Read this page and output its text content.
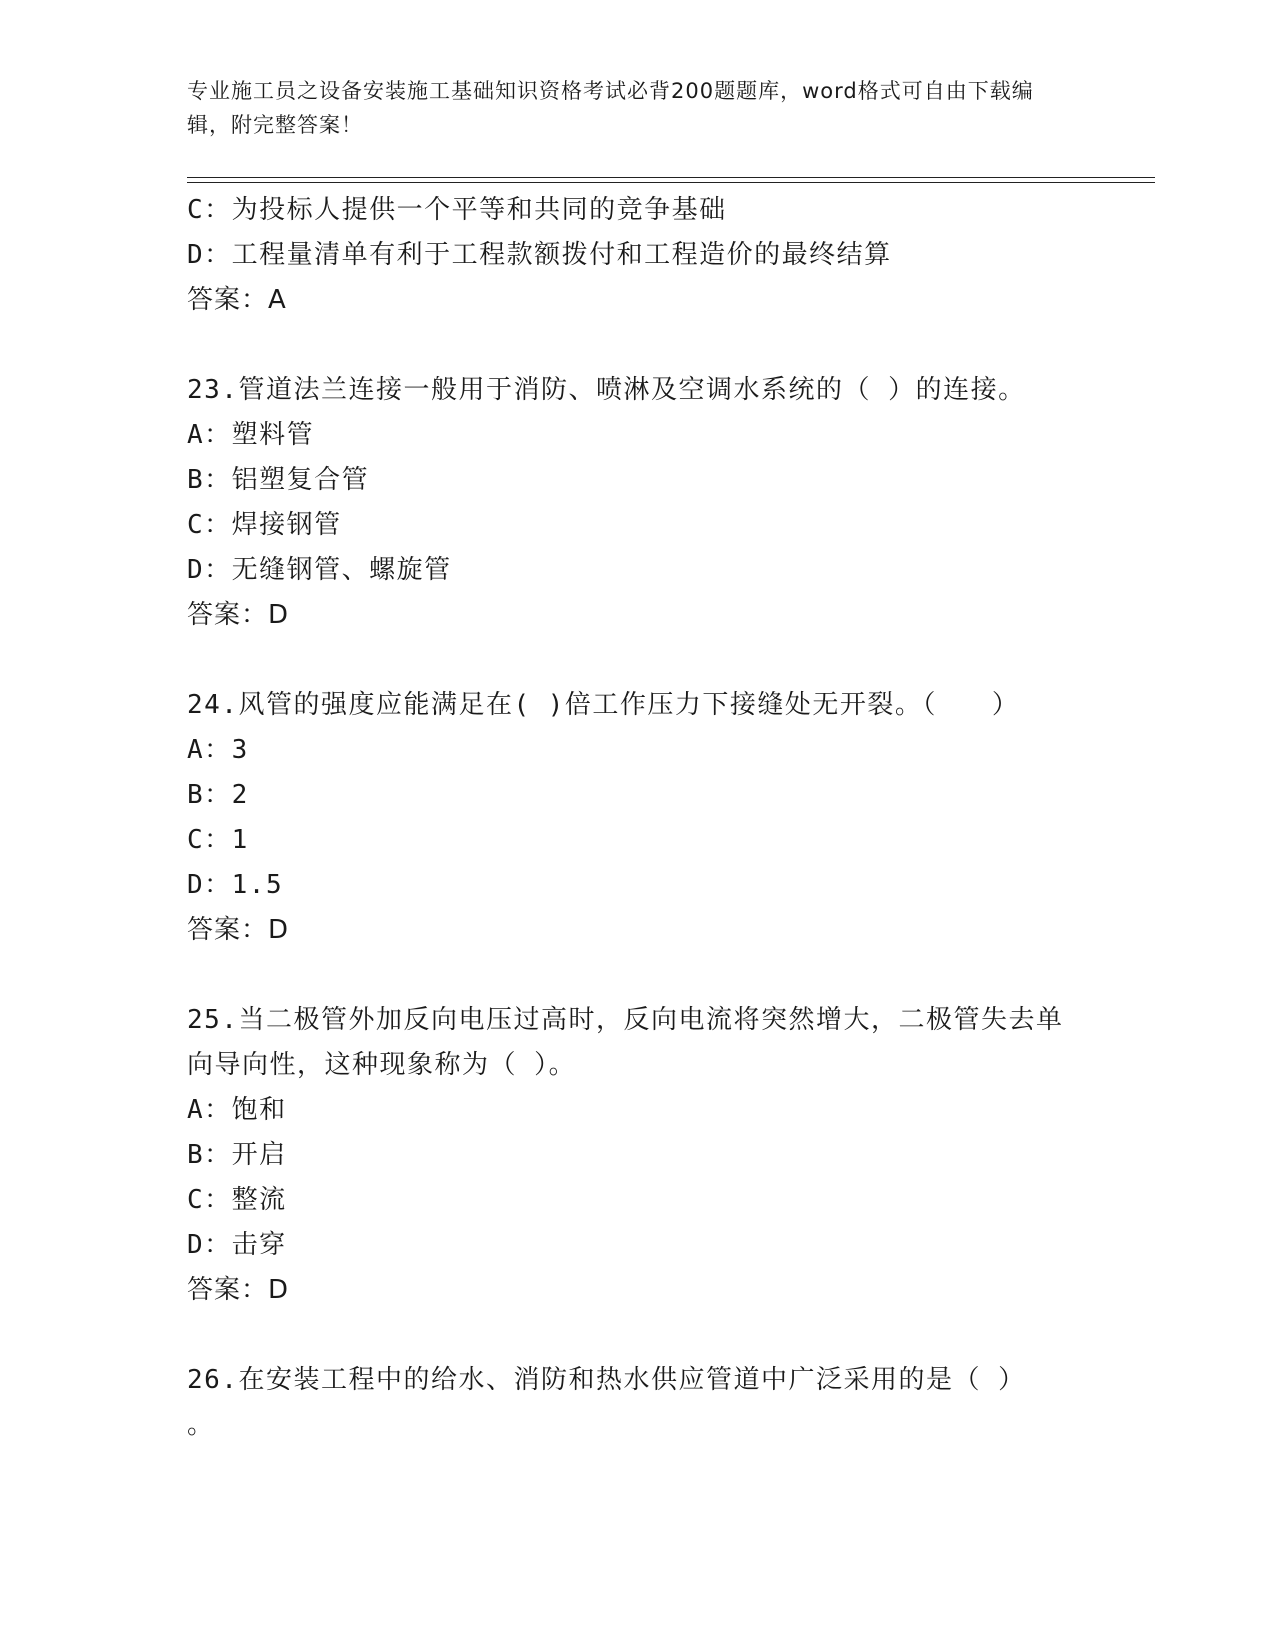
专业施工员之设备安装施工基础知识资格考试必背200题题库，word格式可自由下载编辑，附完整答案！
C：为投标人提供一个平等和共同的竞争基础
D：工程量清单有利于工程款额拨付和工程造价的最终结算
答案：A
23.管道法兰连接一般用于消防、喷淋及空调水系统的（ ）的连接。
A：塑料管
B：铝塑复合管
C：焊接钢管
D：无缝钢管、螺旋管
答案：D
24.风管的强度应能满足在( )倍工作压力下接缝处无开裂。（　　）
A：3
B：2
C：1
D：1.5
答案：D
25.当二极管外加反向电压过高时，反向电流将突然增大，二极管失去单向导向性，这种现象称为（ ）。
A：饱和
B：开启
C：整流
D：击穿
答案：D
26.在安装工程中的给水、消防和热水供应管道中广泛采用的是（ ）
。
